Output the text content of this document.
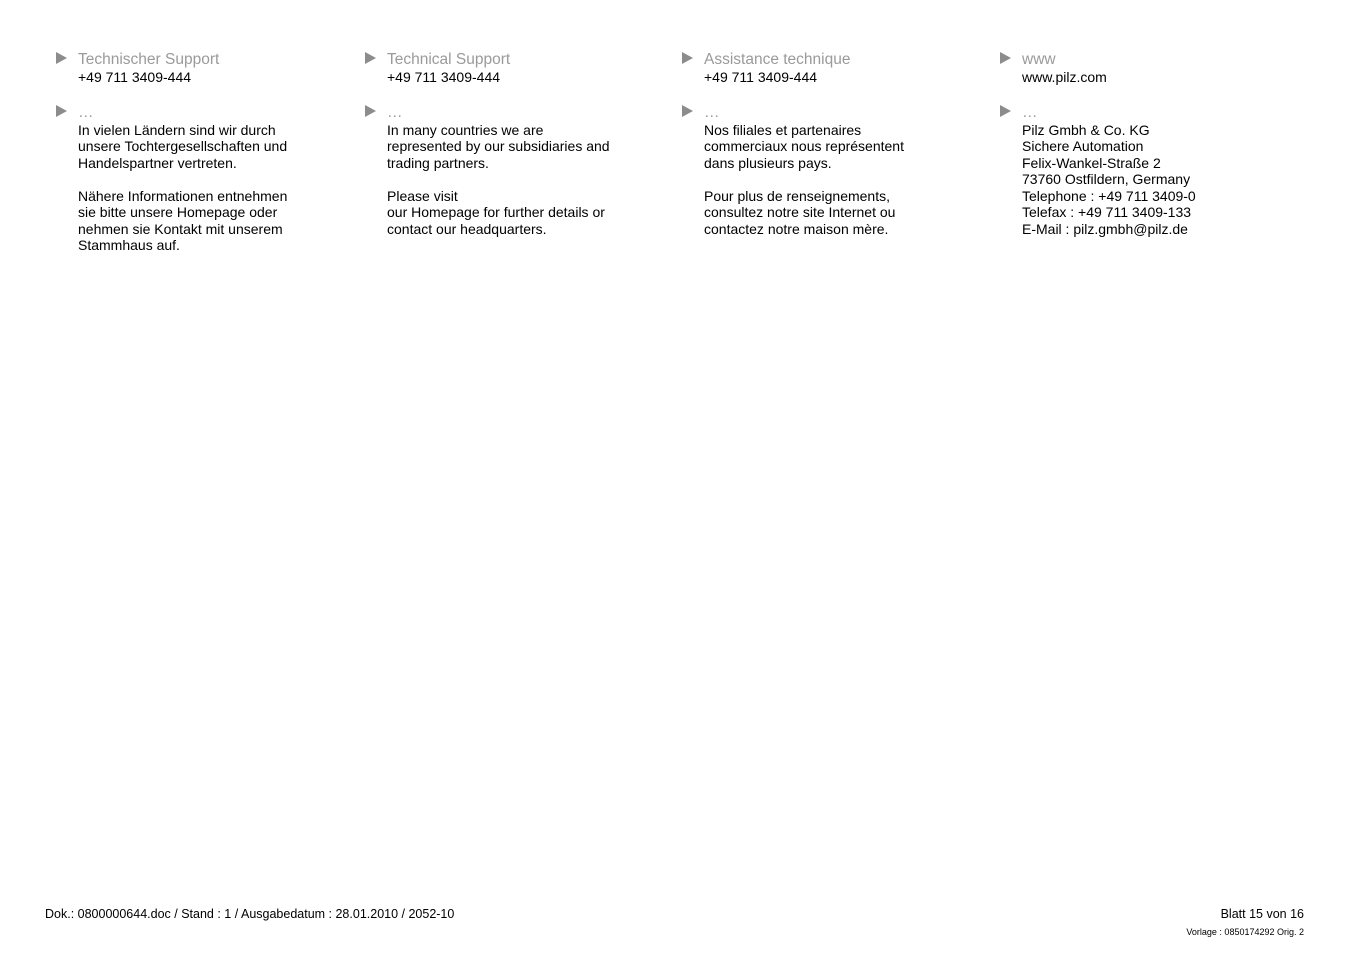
Technischer Support
+49 711 3409-444
…
In vielen Ländern sind wir durch
unsere Tochtergesellschaften und
Handelspartner vertreten.
Nähere Informationen entnehmen
sie bitte unsere Homepage oder
nehmen sie Kontakt mit unserem
Stammhaus auf.
Technical Support
+49 711 3409-444
…
In many countries we are
represented by our subsidiaries and
trading partners.
Please visit
our Homepage for further details or
contact our headquarters.
Assistance technique
+49 711 3409-444
…
Nos filiales et partenaires
commerciaux nous représentent
dans plusieurs pays.
Pour plus de renseignements,
consultez notre site Internet ou
contactez notre maison mère.
www
www.pilz.com
…
Pilz Gmbh & Co. KG
Sichere Automation
Felix-Wankel-Straße 2
73760 Ostfildern, Germany
Telephone : +49 711 3409-0
Telefax : +49 711 3409-133
E-Mail : pilz.gmbh@pilz.de
Dok.: 0800000644.doc / Stand : 1 / Ausgabedatum : 28.01.2010 / 2052-10	Blatt 15 von 16
Vorlage : 0850174292 Orig. 2
